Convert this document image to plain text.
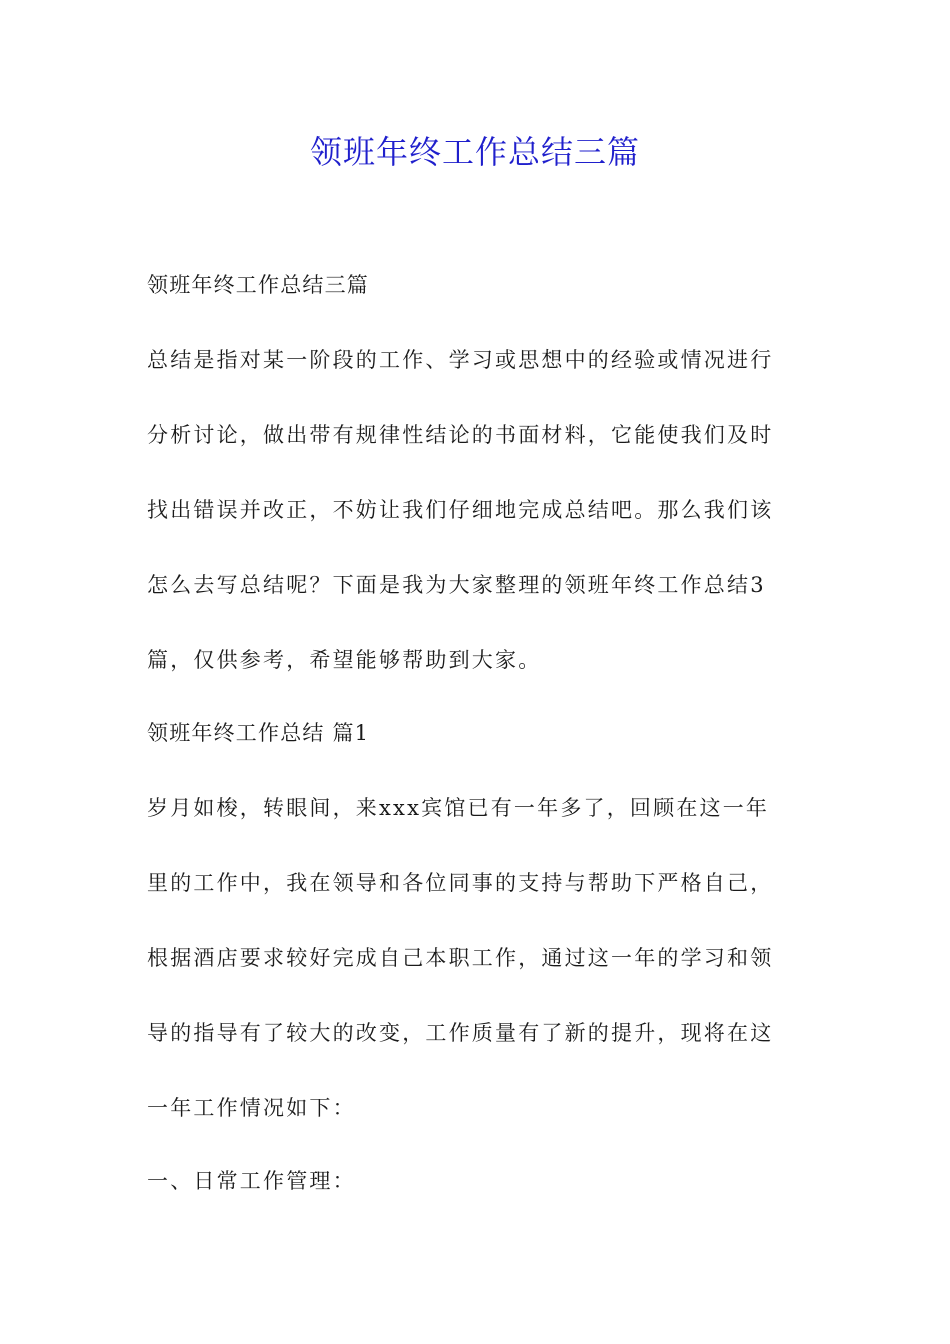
领班年终工作总结三篇

领班年终工作总结三篇

总结是指对某一阶段的工作、学习或思想中的经验或情况进行

分析讨论，做出带有规律性结论的书面材料，它能使我们及时

找出错误并改正，不妨让我们仔细地完成总结吧。那么我们该

怎么去写总结呢？下面是我为大家整理的领班年终工作总结3

篇，仅供参考，希望能够帮助到大家。

领班年终工作总结 篇1

岁月如梭，转眼间，来xxx宾馆已有一年多了，回顾在这一年

里的工作中，我在领导和各位同事的支持与帮助下严格自己，

根据酒店要求较好完成自己本职工作，通过这一年的学习和领

导的指导有了较大的改变，工作质量有了新的提升，现将在这

一年工作情况如下：

一、日常工作管理：
